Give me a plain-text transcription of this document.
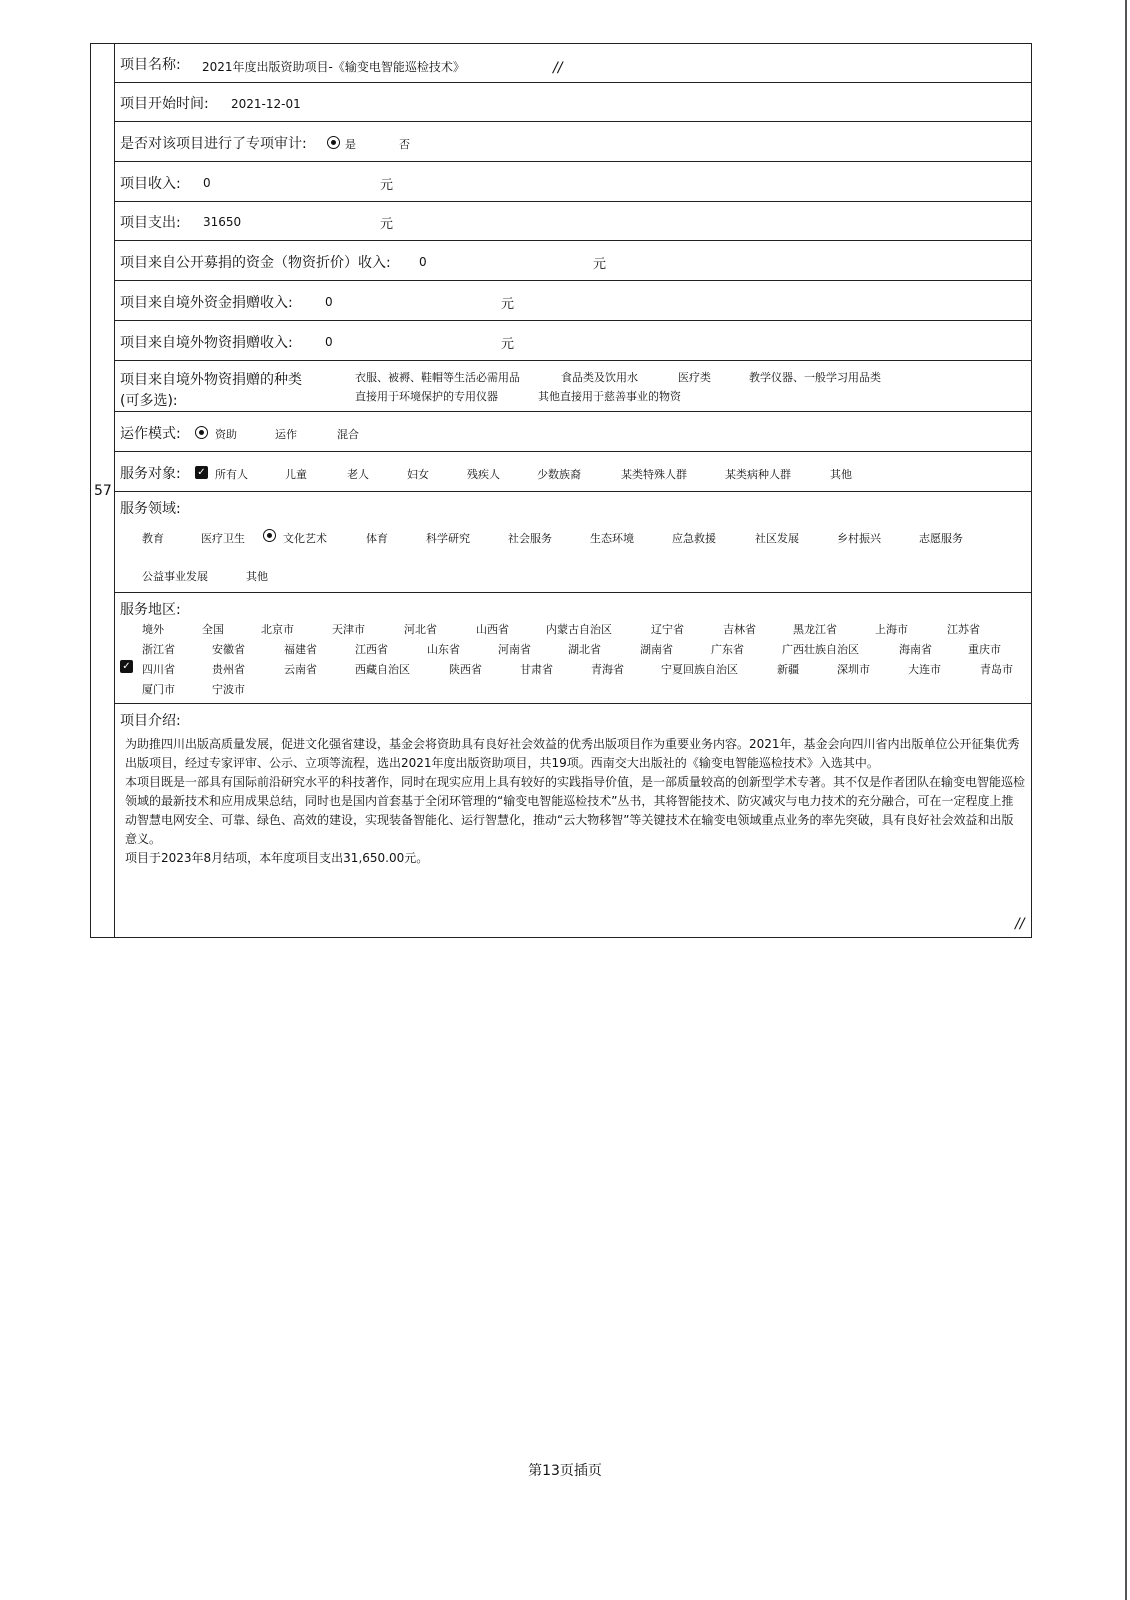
57
项目名称: 2021年度出版资助项目-《输变电智能巡检技术》	//
项目开始时间: 2021-12-01
是否对该项目进行了专项审计:	是	否
项目收入: 0	元
项目支出: 31650	元
项目来自公开募捐的资金（物资折价）收入: 0	元
项目来自境外资金捐赠收入:	0	元
项目来自境外物资捐赠收入:	0	元
项目来自境外物资捐赠的种类
(可多选):
衣服、被褥、鞋帽等生活必需用品	食品类及饮用水	医疗类	教学仪器、一般学习用品类
直接用于环境保护的专用仪器	其他直接用于慈善事业的物资
运作模式:	资助	运作	混合
服务对象: ✓ 所有人	儿童	老人	妇女	残疾人	少数族裔	某类特殊人群	某类病种人群	其他
服务领域:
教育	医疗卫生	文化艺术	体育	科学研究	社会服务	生态环境	应急救援	社区发展	乡村振兴	志愿服务
公益事业发展	其他
服务地区:
境外	全国	北京市	天津市	河北省	山西省	内蒙古自治区	辽宁省	吉林省	黑龙江省	上海市	江苏省
浙江省	安徽省	福建省	江西省	山东省	河南省	湖北省	湖南省	广东省	广西壮族自治区	海南省	重庆市
✓ 四川省	贵州省	云南省	西藏自治区	陕西省	甘肃省	青海省	宁夏回族自治区	新疆	深圳市	大连市	青岛市
厦门市	宁波市
项目介绍:

为助推四川出版高质量发展，促进文化强省建设，基金会将资助具有良好社会效益的优秀出版项目作为重要业务内容。2021年，基金会向四川省内出版单位公开征集优秀出版项目，经过专家评审、公示、立项等流程，选出2021年度出版资助项目，共19项。西南交大出版社的《输变电智能巡检技术》入选其中。

本项目既是一部具有国际前沿研究水平的科技著作，同时在现实应用上具有较好的实践指导价值，是一部质量较高的创新型学术专著。其不仅是作者团队在输变电智能巡检领域的最新技术和应用成果总结，同时也是国内首套基于全闭环管理的“输变电智能巡检技术”丛书，其将智能技术、防灾减灾与电力技术的充分融合，可在一定程度上推动智慧电网安全、可靠、绿色、高效的建设，实现装备智能化、运行智慧化，推动“云大物移智”等关键技术在输变电领域重点业务的率先突破，具有良好社会效益和出版意义。

项目于2023年8月结项，本年度项目支出31,650.00元。

//
第13页插页
